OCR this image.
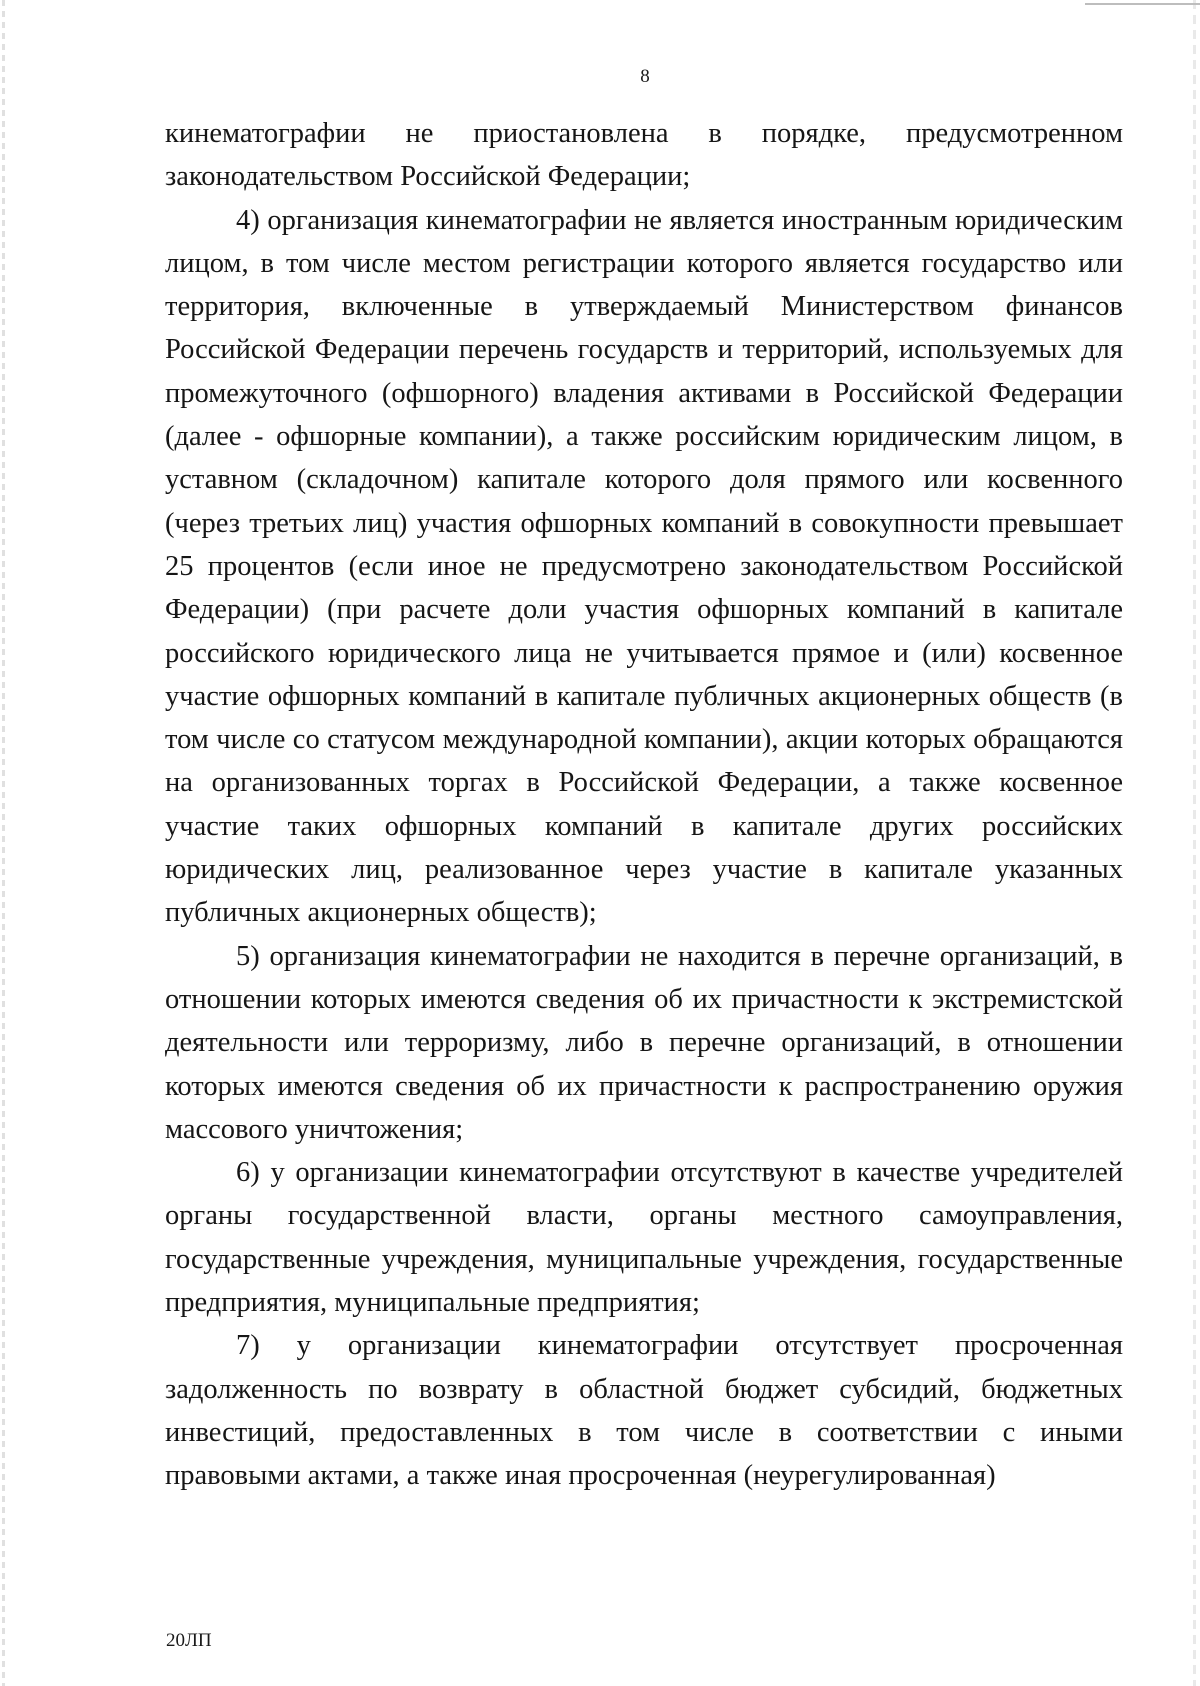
8

кинематографии не приостановлена в порядке, предусмотренном законодательством Российской Федерации;

4) организация кинематографии не является иностранным юридическим лицом, в том числе местом регистрации которого является государство или территория, включенные в утверждаемый Министерством финансов Российской Федерации перечень государств и территорий, используемых для промежуточного (офшорного) владения активами в Российской Федерации (далее - офшорные компании), а также российским юридическим лицом, в уставном (складочном) капитале которого доля прямого или косвенного (через третьих лиц) участия офшорных компаний в совокупности превышает 25 процентов (если иное не предусмотрено законодательством Российской Федерации) (при расчете доли участия офшорных компаний в капитале российского юридического лица не учитывается прямое и (или) косвенное участие офшорных компаний в капитале публичных акционерных обществ (в том числе со статусом международной компании), акции которых обращаются на организованных торгах в Российской Федерации, а также косвенное участие таких офшорных компаний в капитале других российских юридических лиц, реализованное через участие в капитале указанных публичных акционерных обществ);

5) организация кинематографии не находится в перечне организаций, в отношении которых имеются сведения об их причастности к экстремистской деятельности или терроризму, либо в перечне организаций, в отношении которых имеются сведения об их причастности к распространению оружия массового уничтожения;

6) у организации кинематографии отсутствуют в качестве учредителей органы государственной власти, органы местного самоуправления, государственные учреждения, муниципальные учреждения, государственные предприятия, муниципальные предприятия;

7) у организации кинематографии отсутствует просроченная задолженность по возврату в областной бюджет субсидий, бюджетных инвестиций, предоставленных в том числе в соответствии с иными правовыми актами, а также иная просроченная (неурегулированная)

20ЛП
